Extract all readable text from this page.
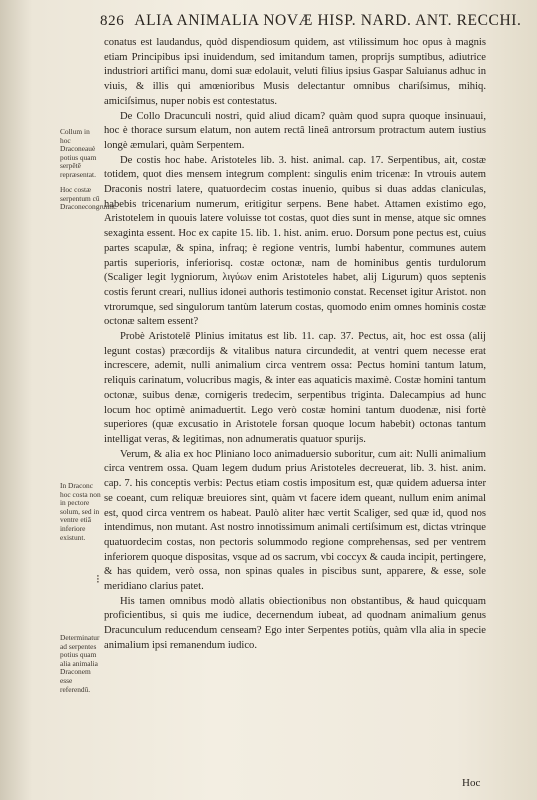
826 ALIA ANIMALIA NOVÆ HISP. NARD. ANT. RECCHI.

conatus est laudandus, quòd dispendiosum quidem, ast vtilissimum hoc opus à magnis etiam Principibus ipsi inuidendum, sed imitandum tamen, proprijs sumptibus, adiutrice industriori artifici manu, domi suæ edolauit, veluti filius ipsius Gaspar Saluianus adhuc in viuis, & illis qui amœnioribus Musis delectantur omnibus chariſsimus, mihiq. amiciſsimus, nuper nobis est contestatus.

De Collo Dracunculi nostri, quid aliud dicam? quàm quod supra quoque insinuaui, hoc è thorace sursum elatum, non autem rectâ lineâ antrorsum protractum autem iustius longè æmulari, quàm Serpentem.

De costis hoc habe. Aristoteles lib. 3. hist. animal. cap. 17. Serpentibus, ait, costæ totidem, quot dies mensem integrum complent: singulis enim tricenæ: In vtrouis autem Draconis nostri latere, quatuordecim costas inuenio, quibus si duas addas claniculas, habebis tricenarium numerum, eritigitur serpens. Bene habet. Attamen existimo ego, Aristotelem in quouis latere voluisse tot costas, quot dies sunt in mense, atque sic omnes sexaginta essent. Hoc ex capite 15. lib. 1. hist. anim. eruo. Dorsum pone pectus est, cuius partes scapulæ, & spina, infraq; è regione ventris, lumbi habentur, communes autem partis superioris, inferiorisq. costæ octonæ, nam de hominibus gentis turdulorum (Scaliger legit lygniorum, λιγύων enim Aristoteles habet, alij Ligurum) quos septenis costis ferunt creari, nullius idonei authoris testimonio constat. Recenset igitur Aristot. non vtrorumque, sed singulorum tantùm laterum costas, quomodo enim omnes hominis costæ octonæ saltem essent?

Probè Aristotelē Plinius imitatus est lib. 11. cap. 37. Pectus, ait, hoc est ossa (alij legunt costas) præcordijs & vitalibus natura circundedit, at ventri quem necesse erat increscere, ademit, nulli animalium circa ventrem ossa: Pectus homini tantum latum, reliquis carinatum, volucribus magis, & inter eas aquaticis maximè. Costæ homini tantum octonæ, suibus denæ, cornigeris tredecim, serpentibus triginta. Dalecampius ad hunc locum hoc optimè animaduertit. Lego verò costæ homini tantum duodenæ, nisi fortè superiores (quæ excusatio in Aristotele forsan quoque locum habebit) octonas tantum intelligat veras, & legitimas, non adnumeratis quatuor spurijs.

Verum, & alia ex hoc Pliniano loco animaduersio suboritur, cum ait: Nulli animalium circa ventrem ossa. Quam legem dudum prius Aristoteles decreuerat, lib. 3. hist. anim. cap. 7. his conceptis verbis: Pectus etiam costis impositum est, quæ quidem aduersa inter se coeant, cum reliquæ breuiores sint, quàm vt facere idem queant, nullum enim animal est, quod circa ventrem os habeat. Paulò aliter hæc vertit Scaliger, sed quæ id, quod nos intendimus, non mutant. Ast nostro innotissimum animali certiſsimum est, dictas vtrinque quatuordecim costas, non pectoris solummodo regione comprehensas, sed per ventrem inferiorem quoque dispositas, vsque ad os sacrum, vbi coccyx & cauda incipit, pertingere, & has quidem, verò ossa, non spinas quales in piscibus sunt, apparere, & esse, sole meridiano clarius patet.

His tamen omnibus modò allatis obiectionibus non obstantibus, & haud quicquam proficientibus, si quis me iudice, decernendum iubeat, ad quodnam animalium genus Dracunculum reducendum censeam? Ego inter Serpentes potiùs, quàm vlla alia in specie animalium ipsi remanendum iudico.

Collum in hoc Draconeauè potius quam serpētē repræsentat.
Hoc costæ serpentum cū Draconecongruunt.
In Draconc hoc costa non in pectore solum, sed in ventre etiā inferiore existunt.
Determinatur ad serpentes potius quam alia animalia Draconem esse referendū.
⁝
Hoc
